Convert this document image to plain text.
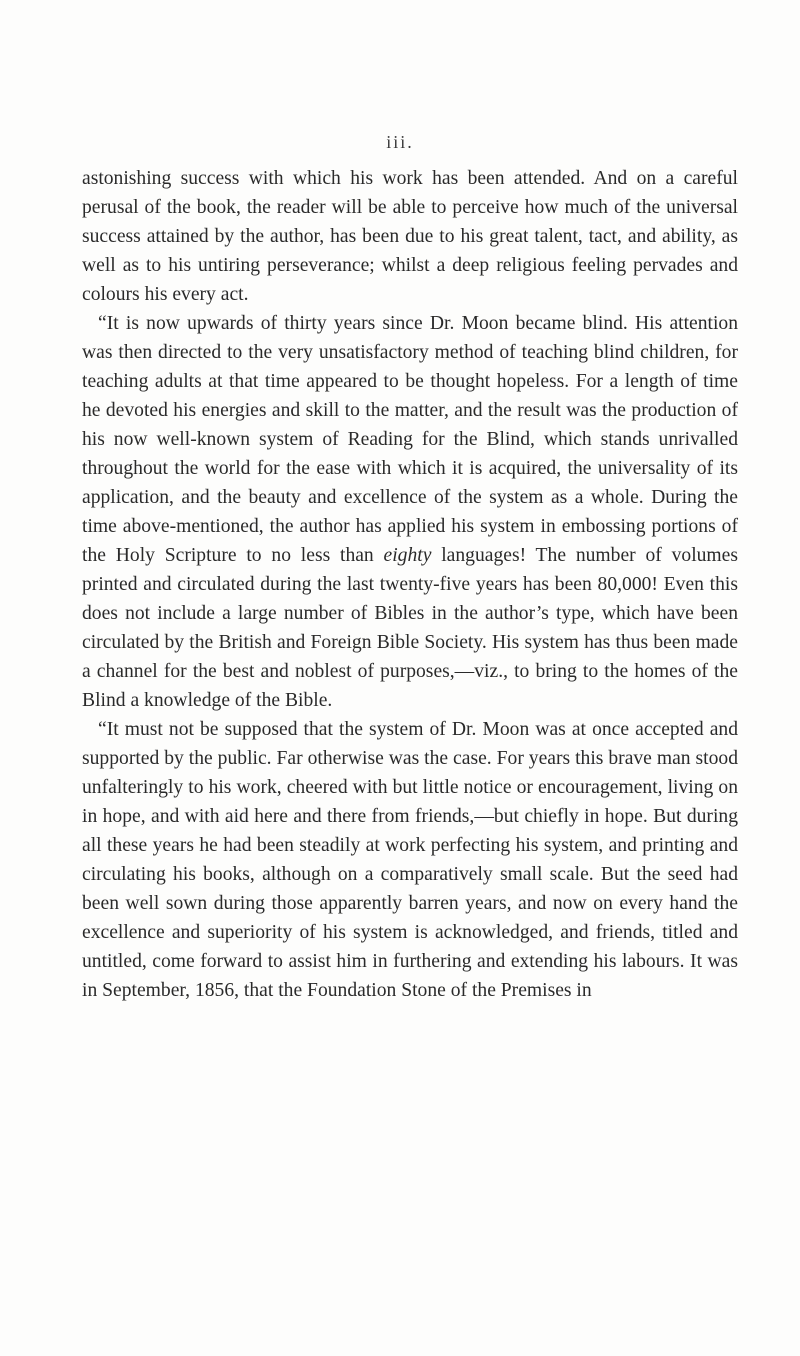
iii.

astonishing success with which his work has been attended. And on a careful perusal of the book, the reader will be able to perceive how much of the universal success attained by the author, has been due to his great talent, tact, and ability, as well as to his untiring perseverance; whilst a deep religious feeling pervades and colours his every act.

“It is now upwards of thirty years since Dr. Moon became blind. His attention was then directed to the very unsatisfactory method of teaching blind children, for teaching adults at that time appeared to be thought hopeless. For a length of time he devoted his energies and skill to the matter, and the result was the production of his now well-known system of Reading for the Blind, which stands unrivalled throughout the world for the ease with which it is acquired, the universality of its application, and the beauty and excellence of the system as a whole. During the time above-mentioned, the author has applied his system in embossing portions of the Holy Scripture to no less than eighty languages! The number of volumes printed and circulated during the last twenty-five years has been 80,000! Even this does not include a large number of Bibles in the author’s type, which have been circulated by the British and Foreign Bible Society. His system has thus been made a channel for the best and noblest of purposes,—viz., to bring to the homes of the Blind a knowledge of the Bible.

“It must not be supposed that the system of Dr. Moon was at once accepted and supported by the public. Far otherwise was the case. For years this brave man stood unfalteringly to his work, cheered with but little notice or encouragement, living on in hope, and with aid here and there from friends,—but chiefly in hope. But during all these years he had been steadily at work perfecting his system, and printing and circulating his books, although on a comparatively small scale. But the seed had been well sown during those apparently barren years, and now on every hand the excellence and superiority of his system is acknowledged, and friends, titled and untitled, come forward to assist him in furthering and extending his labours. It was in September, 1856, that the Foundation Stone of the Premises in
